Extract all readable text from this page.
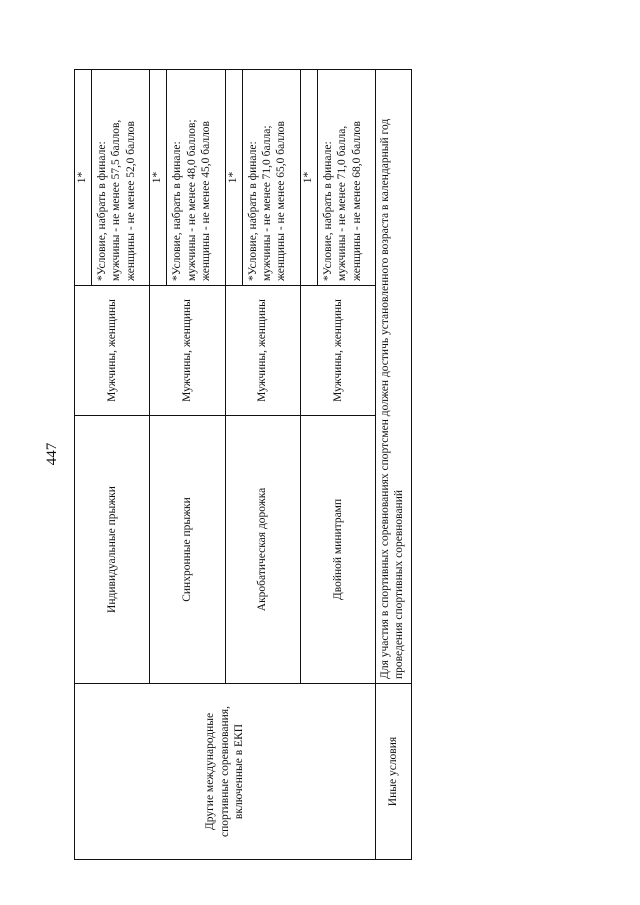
447
Другие международные спортивные соревнования, включенные в ЕКП	Индивидуальные прыжки	Мужчины, женщины	1*

			*Условие, набрать в финале: мужчины - не менее 57,5 баллов, женщины - не менее 52,0 баллов

	Синхронные прыжки	Мужчины, женщины	1*

			*Условие, набрать в финале: мужчины - не менее 48,0 баллов; женщины - не менее 45,0 баллов

	Акробатическая дорожка	Мужчины, женщины	1*

			*Условие, набрать в финале: мужчины - не менее 71,0 балла; женщины - не менее 65,0 баллов

	Двойной минитрамп	Мужчины, женщины	1*

			*Условие, набрать в финале: мужчины - не менее 71,0 балла, женщины - не менее 68,0 баллов

Иные условия	Для участия в спортивных соревнованиях спортсмен должен достичь установленного возраста в календарный год проведения спортивных соревнований		
